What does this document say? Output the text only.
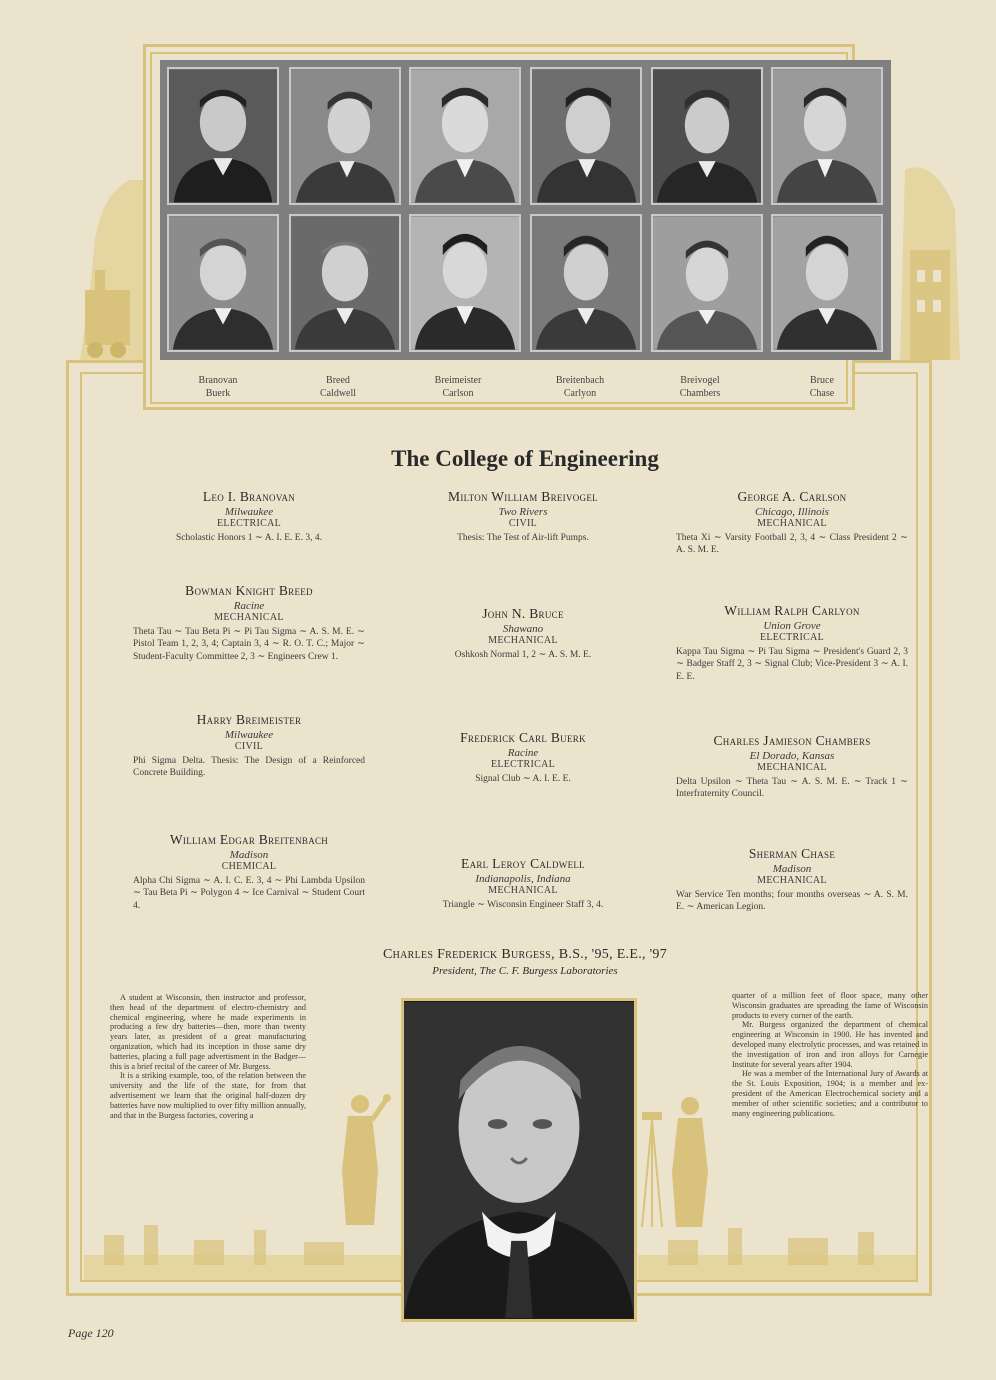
Branovan
Buerk
Breed
Caldwell
Breimeister
Carlson
Breitenbach
Carlyon
Breivogel
Chambers
Bruce
Chase
The College of Engineering
Leo I. Branovan
Milwaukee
ELECTRICAL
Scholastic Honors 1 ∼ A. I. E. E. 3, 4.
Bowman Knight Breed
Racine
MECHANICAL
Theta Tau ∼ Tau Beta Pi ∼ Pi Tau Sigma ∼ A. S. M. E. ∼ Pistol Team 1, 2, 3, 4; Captain 3, 4 ∼ R. O. T. C.; Major ∼ Student-Faculty Committee 2, 3 ∼ Engineers Crew 1.
Harry Breimeister
Milwaukee
CIVIL
Phi Sigma Delta. Thesis: The Design of a Reinforced Concrete Building.
William Edgar Breitenbach
Madison
CHEMICAL
Alpha Chi Sigma ∼ A. I. C. E. 3, 4 ∼ Phi Lambda Upsilon ∼ Tau Beta Pi ∼ Polygon 4 ∼ Ice Carnival ∼ Student Court 4.
Milton William Breivogel
Two Rivers
CIVIL
Thesis: The Test of Air-lift Pumps.
John N. Bruce
Shawano
MECHANICAL
Oshkosh Normal 1, 2 ∼ A. S. M. E.
Frederick Carl Buerk
Racine
ELECTRICAL
Signal Club ∼ A. I. E. E.
Earl Leroy Caldwell
Indianapolis, Indiana
MECHANICAL
Triangle ∼ Wisconsin Engineer Staff 3, 4.
George A. Carlson
Chicago, Illinois
MECHANICAL
Theta Xi ∼ Varsity Football 2, 3, 4 ∼ Class President 2 ∼ A. S. M. E.
William Ralph Carlyon
Union Grove
ELECTRICAL
Kappa Tau Sigma ∼ Pi Tau Sigma ∼ President's Guard 2, 3 ∼ Badger Staff 2, 3 ∼ Signal Club; Vice-President 3 ∼ A. I. E. E.
Charles Jamieson Chambers
El Dorado, Kansas
MECHANICAL
Delta Upsilon ∼ Theta Tau ∼ A. S. M. E. ∼ Track 1 ∼ Interfraternity Council.
Sherman Chase
Madison
MECHANICAL
War Service Ten months; four months overseas ∼ A. S. M. E. ∼ American Legion.
Charles Frederick Burgess, B.S., '95, E.E., '97
President, The C. F. Burgess Laboratories

A student at Wisconsin, then instructor and professor, then head of the department of electro-chemistry and chemical engineering, where he made experiments in producing a few dry batteries—then, more than twenty years later, as president of a great manufacturing organization, which had its inception in those same dry batteries, placing a full page advertisment in the Badger—this is a brief recital of the career of Mr. Burgess.

It is a striking example, too, of the relation between the university and the life of the state, for from that advertisement we learn that the original half-dozen dry batteries have now multiplied to over fifty million annually, and that in the Burgess factories, covering a

quarter of a million feet of floor space, many other Wisconsin graduates are spreading the fame of Wisconsin products to every corner of the earth.

Mr. Burgess organized the department of chemical engineering at Wisconsin in 1900. He has invented and developed many electrolytic processes, and was retained in the investigation of iron and iron alloys for Carnegie Institute for several years after 1904.

He was a member of the International Jury of Awards at the St. Louis Exposition, 1904; is a member and ex-president of the American Electrochemical society and a member of other scientific societies; and a contributor to many engineering publications.

Page 120
